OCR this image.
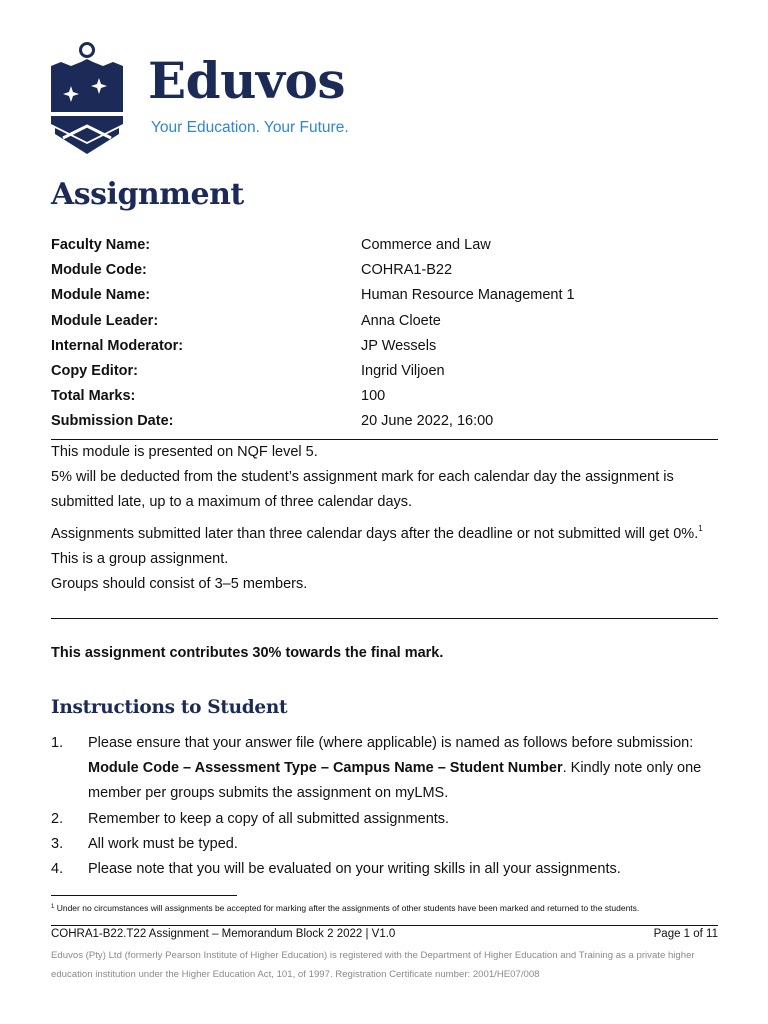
Eduvos
Your Education. Your Future.
Assignment
Faculty Name:	Commerce and Law
Module Code:	COHRA1-B22
Module Name:	Human Resource Management 1
Module Leader:	Anna Cloete
Internal Moderator:	JP Wessels
Copy Editor:	Ingrid Viljoen
Total Marks:	100
Submission Date:	20 June 2022, 16:00

This module is presented on NQF level 5.

5% will be deducted from the student’s assignment mark for each calendar day the assignment is submitted late, up to a maximum of three calendar days.

Assignments submitted later than three calendar days after the deadline or not submitted will get 0%.$^1$

This is a group assignment.

Groups should consist of 3–5 members.

This assignment contributes 30% towards the final mark.
Instructions to Student
1. Please ensure that your answer file (where applicable) is named as follows before submission: Module Code – Assessment Type – Campus Name – Student Number. Kindly note only one member per groups submits the assignment on myLMS.
2. Remember to keep a copy of all submitted assignments.
3. All work must be typed.
4. Please note that you will be evaluated on your writing skills in all your assignments.
$^1$ Under no circumstances will assignments be accepted for marking after the assignments of other students have been marked and returned to the students.
COHRA1-B22.T22 Assignment – Memorandum Block 2 2022 | V1.0	Page 1 of 11
Eduvos (Pty) Ltd (formerly Pearson Institute of Higher Education) is registered with the Department of Higher Education and Training as a private higher education institution under the Higher Education Act, 101, of 1997. Registration Certificate number: 2001/HE07/008
